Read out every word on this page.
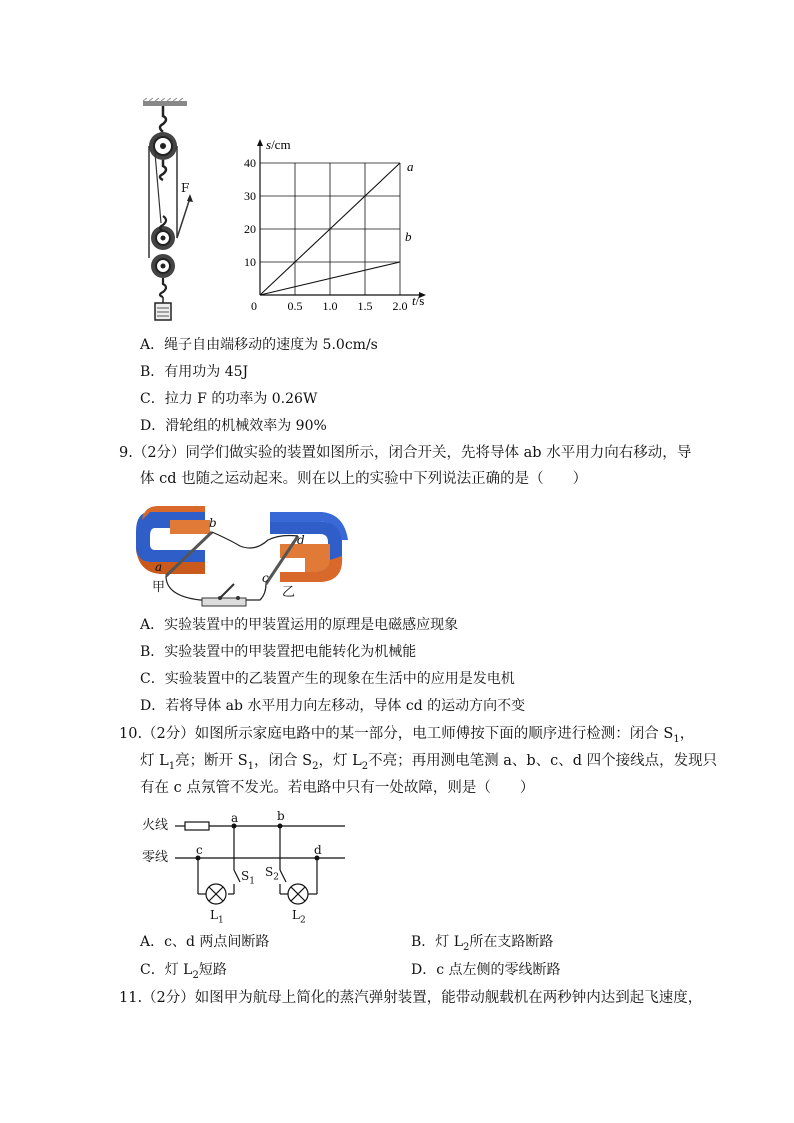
F
40
30
20
10
0	0.5 1.0 1.5 2.0
s/cm
t/s
a
b
A．绳子自由端移动的速度为 5.0cm/s
B．有用功为 45J
C．拉力 F 的功率为 0.26W
D．滑轮组的机械效率为 90%
9.（2分）同学们做实验的装置如图所示，闭合开关，先将导体 ab 水平用力向右移动，导
体 cd 也随之运动起来。则在以上的实验中下列说法正确的是（　　）
b
a
d
c
甲	乙
A．实验装置中的甲装置运用的原理是电磁感应现象
B．实验装置中的甲装置把电能转化为机械能
C．实验装置中的乙装置产生的现象在生活中的应用是发电机
D．若将导体 ab 水平用力向左移动，导体 cd 的运动方向不变
10.（2分）如图所示家庭电路中的某一部分，电工师傅按下面的顺序进行检测：闭合 $S_1$，
灯 $L_1$亮；断开 $S_1$，闭合 $S_2$，灯 $L_2$不亮；再用测电笔测 a、b、c、d 四个接线点，发现只
有在 c 点氖管不发光。若电路中只有一处故障，则是（　　）
火线
零线
a	b
c	d
$S_1$
$S_2$
$L_1$	$L_2$
A．c、d 两点间断路	B．灯 $L_2$所在支路断路
C．灯 $L_2$短路	D．c 点左侧的零线断路
11.（2分）如图甲为航母上简化的蒸汽弹射装置，能带动舰载机在两秒钟内达到起飞速度，
